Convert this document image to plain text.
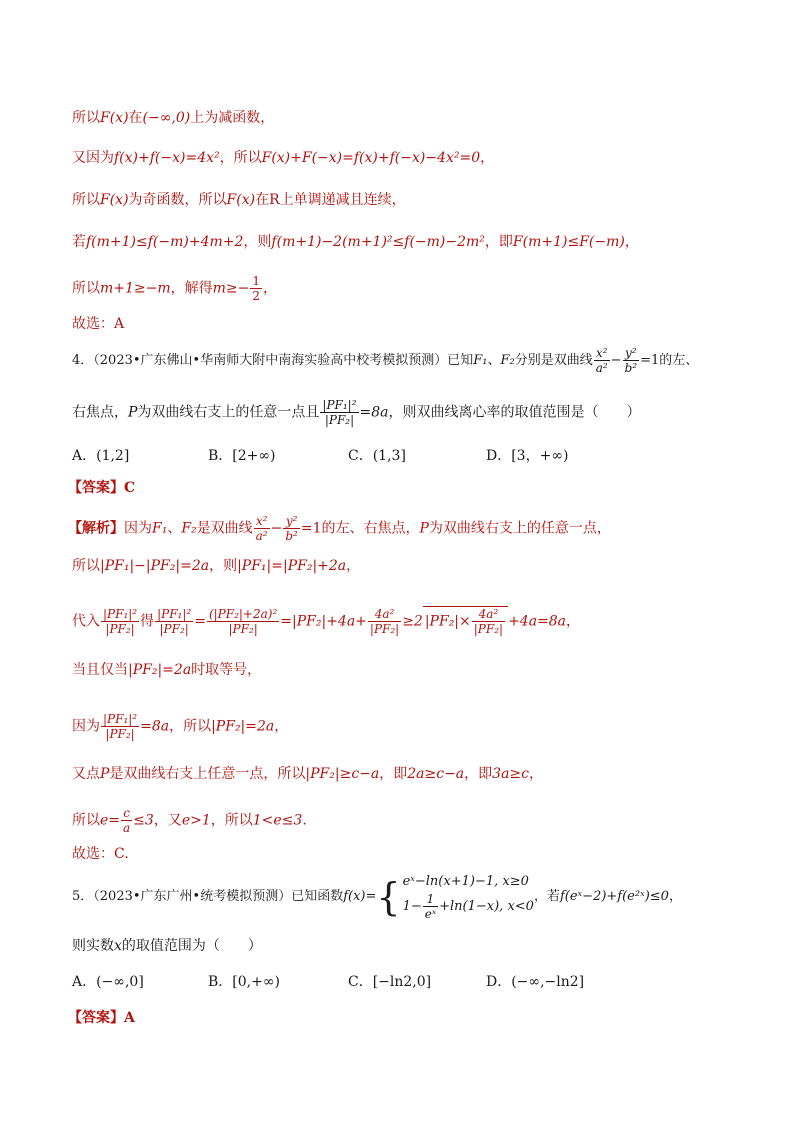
所以F(x)在(−∞,0)上为减函数，
又因为f(x)+f(−x)=4x²，所以F(x)+F(−x)=f(x)+f(−x)−4x²=0，
所以F(x)为奇函数，所以F(x)在R上单调递减且连续，
若f(m+1)≤f(−m)+4m+2，则f(m+1)−2(m+1)²≤f(−m)−2m²，即F(m+1)≤F(−m)，
所以m+1≥−m，解得$m\ge- \frac{1}{2}$ ，
故选：A
4．（2023•广东佛山•华南师大附中南海实验高中校考模拟预测）已知F₁、F₂分别是双曲线 $\frac{\text{x²}}{\text{a²}} - \frac{\text{y²}}{\text{b²}} =1$的左、
右焦点，P为双曲线右支上的任意一点且 $\frac{\text{|PF₁|²}}{\text{|PF₂|}} =8a$，则双曲线离心率的取值范围是（　　）
A．(1,2]	B．[2+∞)	C．(1,3]	D．[3，+∞)
【答案】C
【解析】因为F₁、F₂是双曲线 $\frac{\text{x²}}{\text{a²}} - \frac{\text{y²}}{\text{b²}} =1$的左、右焦点，P为双曲线右支上的任意一点，
所以|PF₁|−|PF₂|=2a，则|PF₁|=|PF₂|+2a，
代入 $\frac{\text{|PF₁|²}}{\text{|PF₂|}}$ 得 $\frac{\text{|PF₁|²}}{\text{|PF₂|}} = \frac{\text{(|PF₂|+2a)²}}{\text{|PF₂|}} =|PF_2|+4a+ \frac{\text{4a²}}{\text{|PF₂|}} \ge 2$ $|PF_2|\times \frac{\text{4a²}}{\text{|PF₂|}} +4a=8a$，
当且仅当|PF₂|=2a时取等号，
因为 $\frac{\text{|PF₁|²}}{\text{|PF₂|}} =8a$，所以|PF₂|=2a，
又点P是双曲线右支上任意一点，所以|PF₂|≥c−a，即2a≥c−a，即3a≥c，
所以$e= \frac{c}{a} \le 3$，又e>1，所以1<e≤3.
故选：C.
5．（2023•广东广州•统考模拟预测）已知函数f(x)={ eˣ−ln(x+1)−1, x≥0
$1- \frac{1}{\text{eˣ}} +\ln(1-x)$, x<0
，若f(eˣ−2)+f(e²ˣ)≤0，
则实数x的取值范围为（　　）
A．(−∞,0]	B．[0,+∞)	C．[−ln2,0]	D．(−∞,−ln2]
【答案】A
